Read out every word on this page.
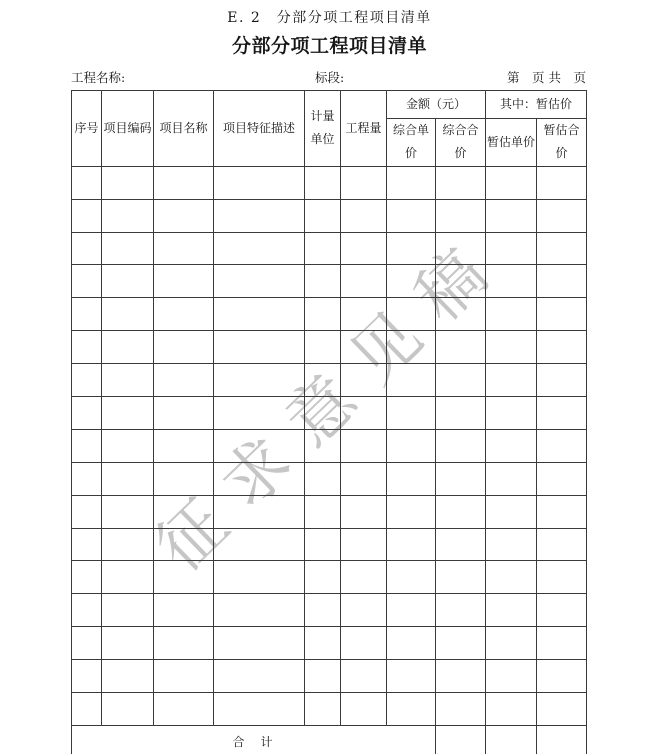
E. 2　分部分项工程项目清单
分部分项工程项目清单
工程名称:	标段:	第　页 共　页
征求意见稿
序号	项目编码	项目名称	项目特征描述	计量单位	工程量	金额（元）		其中：暂估价	
						综合单价	综合合价	暂估单价	暂估合价

合　计									
